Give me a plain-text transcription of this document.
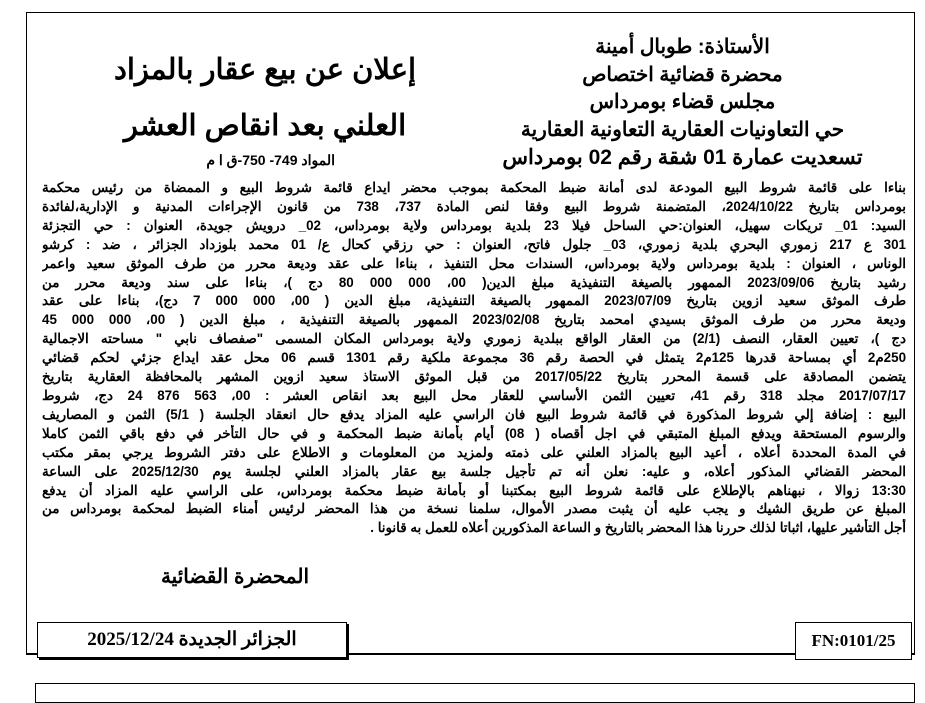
الأستاذة: طوبال أمينة
محضرة قضائية اختصاص
مجلس قضاء بومرداس
حي التعاونيات العقارية التعاونية العقارية
تسعديت عمارة 01 شقة رقم 02 بومرداس
إعلان عن بيع عقار بالمزاد
العلني بعد انقاص العشر
المواد 749- 750-ق ا م
بناءا على قائمة شروط البيع المودعة لدى أمانة ضبط المحكمة بموجب محضر ايداع قائمة شروط البيع و الممضاة من رئيس محكمة
بومرداس بتاريخ 2024/10/22، المتضمنة شروط البيع وفقا لنص المادة 737، 738 من قانون الإجراءات المدنية و الإدارية،لفائدة
السيد: 01_ تريكات سهيل، العنوان:حي الساحل فيلا 23 بلدية بومرداس ولاية بومرداس، 02_ درويش جويدة، العنوان : حي التجزئة
301 ع 217 زموري البحري بلدية زموري، 03_ جلول فاتح، العنوان : حي رزقي كحال ع/ 01 محمد بلوزداد الجزائر ، ضد : كرشو
الوناس ، العنوان : بلدية بومرداس ولاية بومرداس، السندات محل التنفيذ ، بناءا على عقد وديعة محرر من طرف الموثق سعيد واعمر
رشيد بتاريخ 2023/09/06 الممهور بالصيغة التنفيذية مبلغ الدين( 00، 000 000 80 دج )، بناءا على سند وديعة محرر من
طرف الموثق سعيد ازوين بتاريخ 2023/07/09 الممهور بالصيغة التنفيذية، مبلغ الدين ( 00، 000 000 7 دج)، بناءا على عقد
وديعة محرر من طرف الموثق بسيدي امحمد بتاريخ 2023/02/08 الممهور بالصيغة التنفيذية ، مبلغ الدين ( 00، 000 000 45
دج )، تعيين العقار، النصف (2/1) من العقار الواقع ببلدية زموري ولاية بومرداس المكان المسمى "صفصاف نابي " مساحته الاجمالية
250م2 أي بمساحة قدرها 125م2 يتمثل في الحصة رقم 36 مجموعة ملكية رقم 1301 قسم 06 محل عقد ايداع جزئي لحكم قضائي
يتضمن المصادقة على قسمة المحرر بتاريخ 2017/05/22 من قبل الموثق الاستاذ سعيد ازوين المشهر بالمحافظة العقارية بتاريخ
2017/07/17 مجلد 318 رقم 41، تعيين الثمن الأساسي للعقار محل البيع بعد انقاص العشر : 00، 563 876 24 دج، شروط
البيع : إضافة إلي شروط المذكورة في قائمة شروط البيع فان الراسي عليه المزاد يدفع حال انعقاد الجلسة ( 5/1) الثمن و المصاريف
والرسوم المستحقة ويدفع المبلغ المتبقي في اجل أقصاه ( 08) أيام بأمانة ضبط المحكمة و في حال التأخر في دفع باقي الثمن كاملا
في المدة المحددة أعلاه ، أعيد البيع بالمزاد العلني على ذمته ولمزيد من المعلومات و الاطلاع على دفتر الشروط يرجي بمقر مكتب
المحضر القضائي المذكور أعلاه، و عليه: نعلن أنه تم تأجيل جلسة بيع عقار بالمزاد العلني لجلسة يوم 2025/12/30 على الساعة
13:30 زوالا ، نبهناهم بالإطلاع على قائمة شروط البيع بمكتبنا أو بأمانة ضبط محكمة بومرداس، على الراسي عليه المزاد أن يدفع
المبلغ عن طريق الشيك و يجب عليه أن يثبت مصدر الأموال، سلمنا نسخة من هذا المحضر لرئيس أمناء الضبط لمحكمة بومرداس من
أجل التأشير عليها، اثباتا لذلك حررنا هذا المحضر بالتاريخ و الساعة المذكورين أعلاه للعمل به قانونا .
المحضرة القضائية
الجزائر الجديدة 2025/12/24	FN:0101/25
